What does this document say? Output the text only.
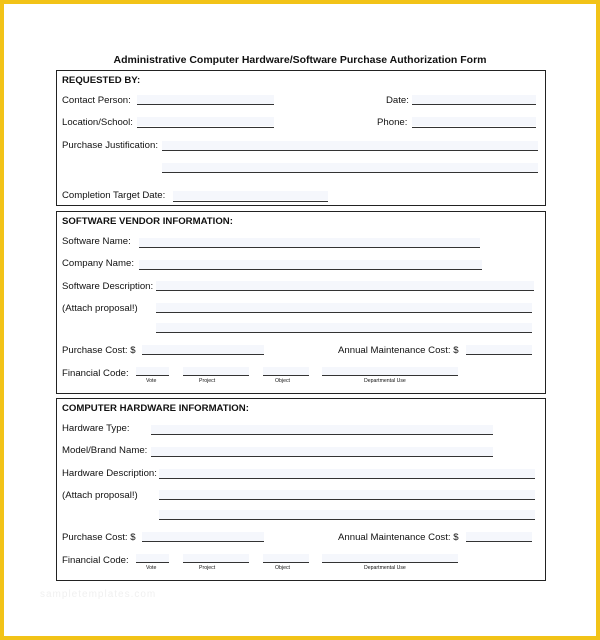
Administrative Computer Hardware/Software Purchase Authorization Form
REQUESTED BY:
Contact Person:	Date:
Location/School:	Phone:
Purchase Justification:
Completion Target Date:
SOFTWARE VENDOR INFORMATION:
Software Name:
Company Name:
Software Description:
(Attach proposal!)
Purchase Cost: $	Annual Maintenance Cost: $
Financial Code:
Vote	Project	Object	Departmental Use
COMPUTER HARDWARE INFORMATION:
Hardware Type:
Model/Brand Name:
Hardware Description:
(Attach proposal!)
Purchase Cost: $	Annual Maintenance Cost: $
Financial Code:
Vote	Project	Object	Departmental Use
sampletemplates.com
